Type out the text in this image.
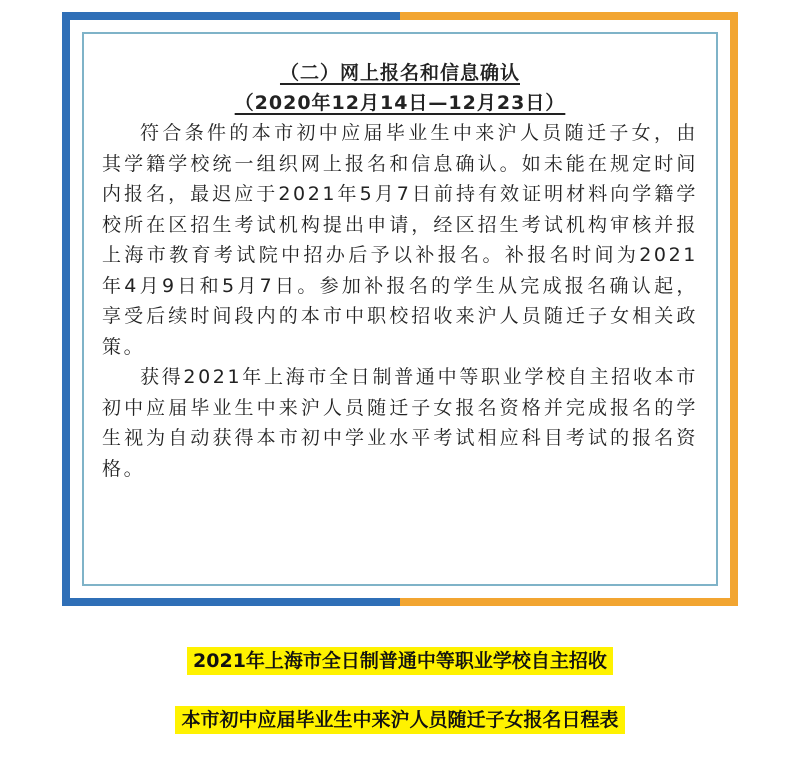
（二）网上报名和信息确认
（2020年12月14日—12月23日）

符合条件的本市初中应届毕业生中来沪人员随迁子女，由其学籍学校统一组织网上报名和信息确认。如未能在规定时间内报名，最迟应于2021年5月7日前持有效证明材料向学籍学校所在区招生考试机构提出申请，经区招生考试机构审核并报上海市教育考试院中招办后予以补报名。补报名时间为2021年4月9日和5月7日。参加补报名的学生从完成报名确认起，享受后续时间段内的本市中职校招收来沪人员随迁子女相关政策。

获得2021年上海市全日制普通中等职业学校自主招收本市初中应届毕业生中来沪人员随迁子女报名资格并完成报名的学生视为自动获得本市初中学业水平考试相应科目考试的报名资格。

2021年上海市全日制普通中等职业学校自主招收
本市初中应届毕业生中来沪人员随迁子女报名日程表
